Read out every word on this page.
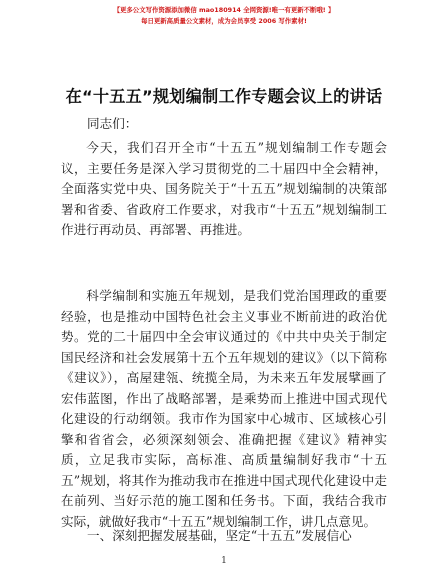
【更多公文写作资源添加微信 mao180914 全网资源!唯一有更新不断哦! 】
每日更新高质量公文素材，成为会员享受 2006 写作素材!
在“十五五”规划编制工作专题会议上的讲话
同志们：

今天，我们召开全市“十五五”规划编制工作专题会议，主要任务是深入学习贯彻党的二十届四中全会精神，全面落实党中央、国务院关于“十五五”规划编制的决策部署和省委、省政府工作要求，对我市“十五五”规划编制工作进行再动员、再部署、再推进。

科学编制和实施五年规划，是我们党治国理政的重要经验，也是推动中国特色社会主义事业不断前进的政治优势。党的二十届四中全会审议通过的《中共中央关于制定国民经济和社会发展第十五个五年规划的建议》（以下简称《建议》），高屋建瓴、统揽全局，为未来五年发展擘画了宏伟蓝图，作出了战略部署，是乘势而上推进中国式现代化建设的行动纲领。我市作为国家中心城市、区域核心引擎和省省会，必须深刻领会、准确把握《建议》精神实质，立足我市实际，高标准、高质量编制好我市“十五五”规划，将其作为推动我市在推进中国式现代化建设中走在前列、当好示范的施工图和任务书。下面，我结合我市实际，就做好我市“十五五”规划编制工作，讲几点意见。

一、深刻把握发展基础，坚定“十五五”发展信心
1
